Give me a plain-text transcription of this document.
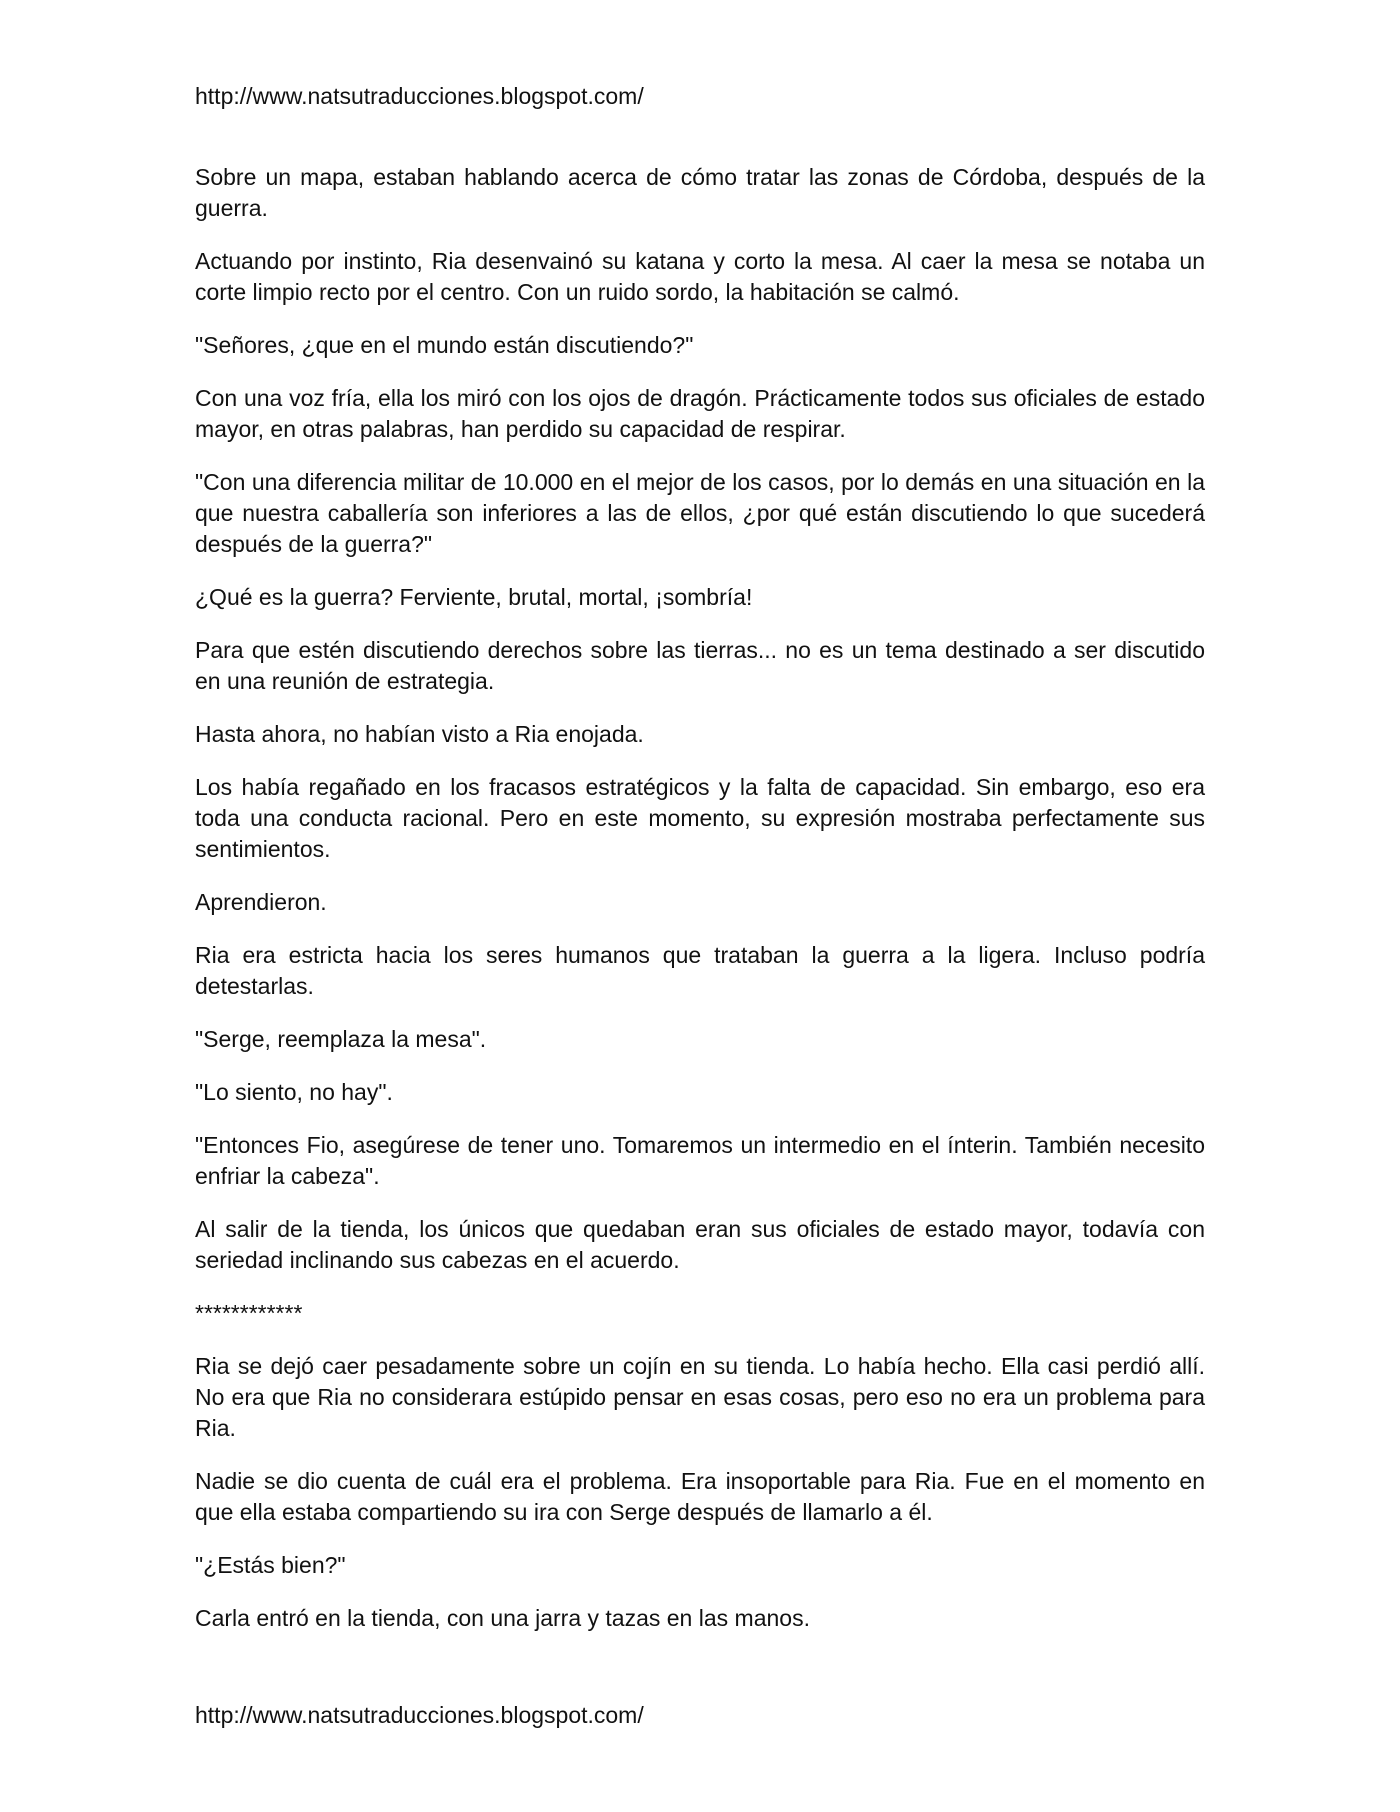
http://www.natsutraducciones.blogspot.com/

Sobre un mapa, estaban hablando acerca de cómo tratar las zonas de Córdoba, después de la guerra.

Actuando por instinto, Ria desenvainó su katana y corto la mesa. Al caer la mesa se notaba un corte limpio recto por el centro. Con un ruido sordo, la habitación se calmó.

"Señores, ¿que en el mundo están discutiendo?"

Con una voz fría, ella los miró con los ojos de dragón. Prácticamente todos sus oficiales de estado mayor, en otras palabras, han perdido su capacidad de respirar.

"Con una diferencia militar de 10.000 en el mejor de los casos, por lo demás en una situación en la que nuestra caballería son inferiores a las de ellos, ¿por qué están discutiendo lo que sucederá después de la guerra?"

¿Qué es la guerra? Ferviente, brutal, mortal, ¡sombría!

Para que estén discutiendo derechos sobre las tierras... no es un tema destinado a ser discutido en una reunión de estrategia.

Hasta ahora, no habían visto a Ria enojada.

Los había regañado en los fracasos estratégicos y la falta de capacidad. Sin embargo, eso era toda una conducta racional. Pero en este momento, su expresión mostraba perfectamente sus sentimientos.

Aprendieron.

Ria era estricta hacia los seres humanos que trataban la guerra a la ligera. Incluso podría detestarlas.

"Serge, reemplaza la mesa".

"Lo siento, no hay".

"Entonces Fio, asegúrese de tener uno. Tomaremos un intermedio en el ínterin. También necesito enfriar la cabeza".

Al salir de la tienda, los únicos que quedaban eran sus oficiales de estado mayor, todavía con seriedad inclinando sus cabezas en el acuerdo.

************

Ria se dejó caer pesadamente sobre un cojín en su tienda. Lo había hecho. Ella casi perdió allí. No era que Ria no considerara estúpido pensar en esas cosas, pero eso no era un problema para Ria.

Nadie se dio cuenta de cuál era el problema. Era insoportable para Ria. Fue en el momento en que ella estaba compartiendo su ira con Serge después de llamarlo a él.

"¿Estás bien?"

Carla entró en la tienda, con una jarra y tazas en las manos.

http://www.natsutraducciones.blogspot.com/
